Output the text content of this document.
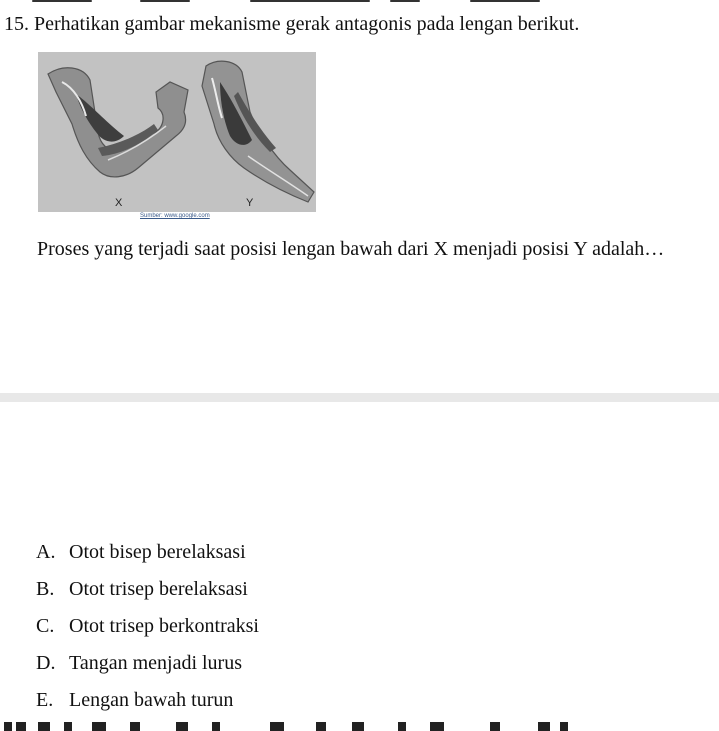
15. Perhatikan gambar mekanisme gerak antagonis pada lengan berikut.
X	Y
Sumber: www.google.com
Proses yang terjadi saat posisi lengan bawah dari X menjadi posisi Y adalah…
A. Otot bisep berelaksasi
B. Otot trisep berelaksasi
C. Otot trisep berkontraksi
D. Tangan menjadi lurus
E. Lengan bawah turun
